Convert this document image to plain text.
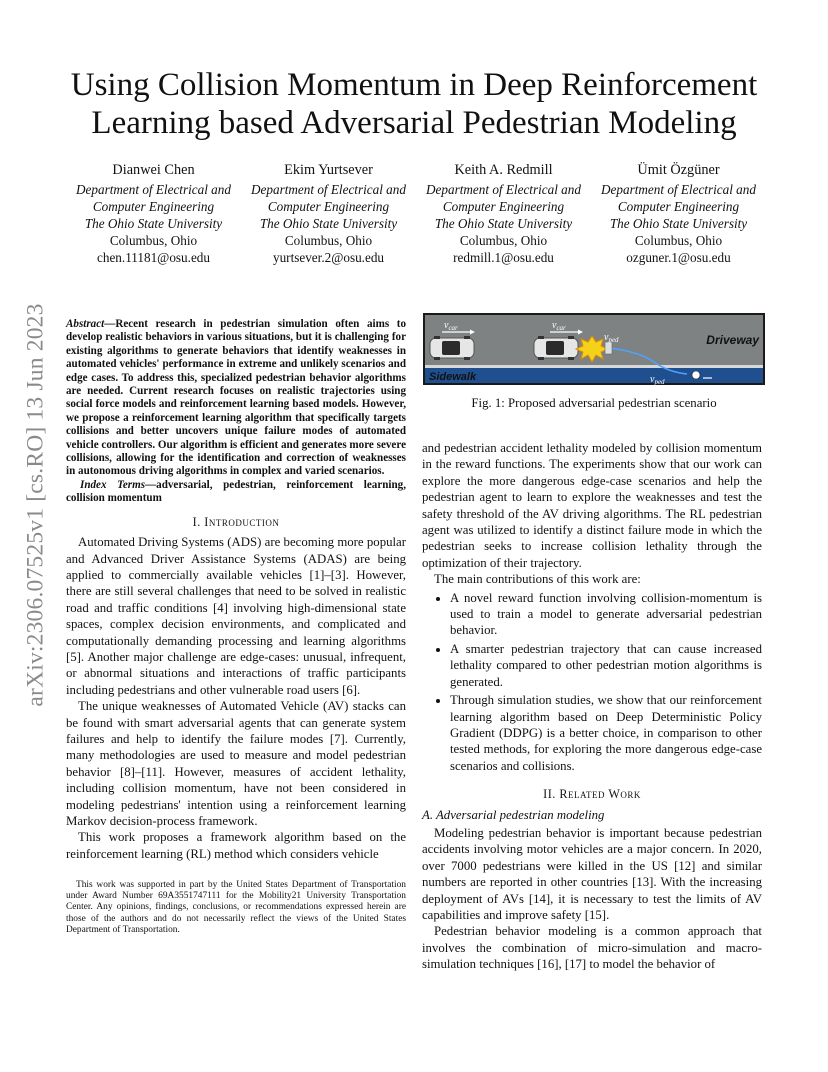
arXiv:2306.07525v1 [cs.RO] 13 Jun 2023
Using Collision Momentum in Deep Reinforcement Learning based Adversarial Pedestrian Modeling
Dianwei Chen
Department of Electrical and
Computer Engineering
The Ohio State University
Columbus, Ohio
chen.11181@osu.edu
Ekim Yurtsever
Department of Electrical and
Computer Engineering
The Ohio State University
Columbus, Ohio
yurtsever.2@osu.edu
Keith A. Redmill
Department of Electrical and
Computer Engineering
The Ohio State University
Columbus, Ohio
redmill.1@osu.edu
Ümit Özgüner
Department of Electrical and
Computer Engineering
The Ohio State University
Columbus, Ohio
ozguner.1@osu.edu

Abstract—Recent research in pedestrian simulation often aims to develop realistic behaviors in various situations, but it is challenging for existing algorithms to generate behaviors that identify weaknesses in automated vehicles' performance in extreme and unlikely scenarios and edge cases. To address this, specialized pedestrian behavior algorithms are needed. Current research focuses on realistic trajectories using social force models and reinforcement learning based models. However, we propose a reinforcement learning algorithm that specifically targets collisions and better uncovers unique failure modes of automated vehicle controllers. Our algorithm is efficient and generates more severe collisions, allowing for the identification and correction of weaknesses in autonomous driving algorithms in complex and varied scenarios.

Index Terms—adversarial, pedestrian, reinforcement learning, collision momentum

I. Introduction

Automated Driving Systems (ADS) are becoming more popular and Advanced Driver Assistance Systems (ADAS) are being applied to commercially available vehicles [1]–[3]. However, there are still several challenges that need to be solved in realistic road and traffic conditions [4] involving high-dimensional state spaces, complex decision environments, and complicated and computationally demanding processing and learning algorithms [5]. Another major challenge are edge-cases: unusual, infrequent, or abnormal situations and interactions of traffic participants including pedestrians and other vulnerable road users [6].

The unique weaknesses of Automated Vehicle (AV) stacks can be found with smart adversarial agents that can generate system failures and help to identify the failure modes [7]. Currently, many methodologies are used to measure and model pedestrian behavior [8]–[11]. However, measures of accident lethality, including collision momentum, have not been considered in modeling pedestrians' intention using a reinforcement learning Markov decision-process framework.

This work proposes a framework algorithm based on the reinforcement learning (RL) method which considers vehicle

This work was supported in part by the United States Department of Transportation under Award Number 69A3551747111 for the Mobility21 University Transportation Center. Any opinions, findings, conclusions, or recommendations expressed herein are those of the authors and do not necessarily reflect the views of the United States Department of Transportation.
$v_{car}$	$v_{car}$
$v_{ped}$
$v_{ped}$
Driveway
Sidewalk
Fig. 1: Proposed adversarial pedestrian scenario

and pedestrian accident lethality modeled by collision momentum in the reward functions. The experiments show that our work can explore the more dangerous edge-case scenarios and help the pedestrian agent to learn to explore the weaknesses and test the safety threshold of the AV driving algorithms. The RL pedestrian agent was utilized to identify a distinct failure mode in which the pedestrian seeks to increase collision lethality through the optimization of their trajectory.

The main contributions of this work are:

• A novel reward function involving collision-momentum is used to train a model to generate adversarial pedestrian behavior.
• A smarter pedestrian trajectory that can cause increased lethality compared to other pedestrian motion algorithms is generated.
• Through simulation studies, we show that our reinforcement learning algorithm based on Deep Deterministic Policy Gradient (DDPG) is a better choice, in comparison to other tested methods, for exploring the more dangerous edge-case scenarios and collisions.
II. Related Work
A. Adversarial pedestrian modeling

Modeling pedestrian behavior is important because pedestrian accidents involving motor vehicles are a major concern. In 2020, over 7000 pedestrians were killed in the US [12] and similar numbers are reported in other countries [13]. With the increasing deployment of AVs [14], it is necessary to test the limits of AV capabilities and improve safety [15].

Pedestrian behavior modeling is a common approach that involves the combination of micro-simulation and macro-simulation techniques [16], [17] to model the behavior of
